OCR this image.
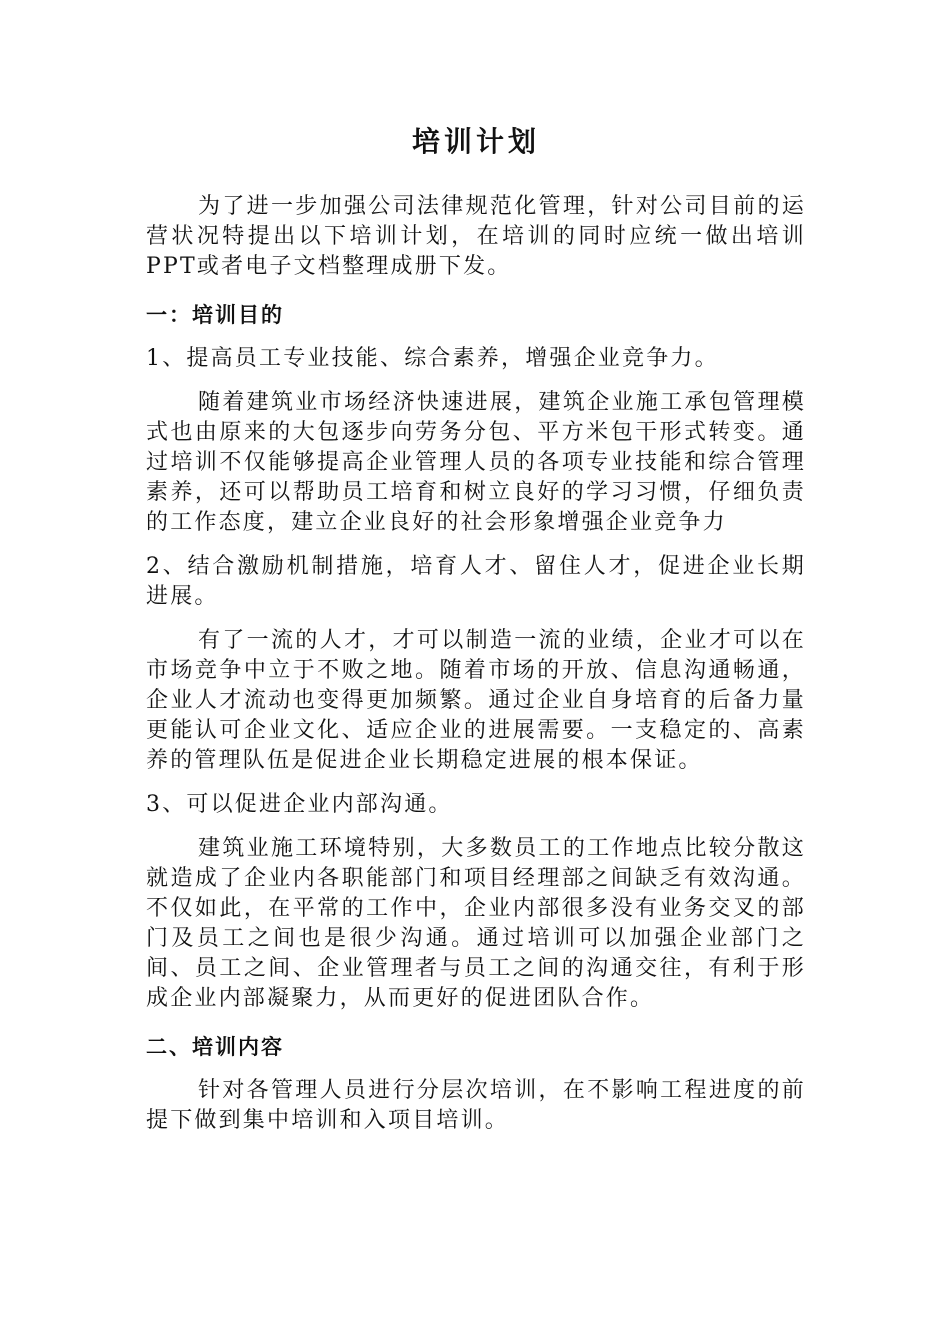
培训计划

为了进一步加强公司法律规范化管理，针对公司目前的运营状况特提出以下培训计划，在培训的同时应统一做出培训PPT或者电子文档整理成册下发。

一：培训目的

1、提高员工专业技能、综合素养，增强企业竞争力。

随着建筑业市场经济快速进展，建筑企业施工承包管理模式也由原来的大包逐步向劳务分包、平方米包干形式转变。通过培训不仅能够提高企业管理人员的各项专业技能和综合管理素养，还可以帮助员工培育和树立良好的学习习惯，仔细负责的工作态度，建立企业良好的社会形象增强企业竞争力

2、结合激励机制措施，培育人才、留住人才，促进企业长期进展。

有了一流的人才，才可以制造一流的业绩，企业才可以在市场竞争中立于不败之地。随着市场的开放、信息沟通畅通，企业人才流动也变得更加频繁。通过企业自身培育的后备力量更能认可企业文化、适应企业的进展需要。一支稳定的、高素养的管理队伍是促进企业长期稳定进展的根本保证。

3、可以促进企业内部沟通。

建筑业施工环境特别，大多数员工的工作地点比较分散这就造成了企业内各职能部门和项目经理部之间缺乏有效沟通。不仅如此，在平常的工作中，企业内部很多没有业务交叉的部门及员工之间也是很少沟通。通过培训可以加强企业部门之间、员工之间、企业管理者与员工之间的沟通交往，有利于形成企业内部凝聚力，从而更好的促进团队合作。

二、培训内容

针对各管理人员进行分层次培训，在不影响工程进度的前提下做到集中培训和入项目培训。
